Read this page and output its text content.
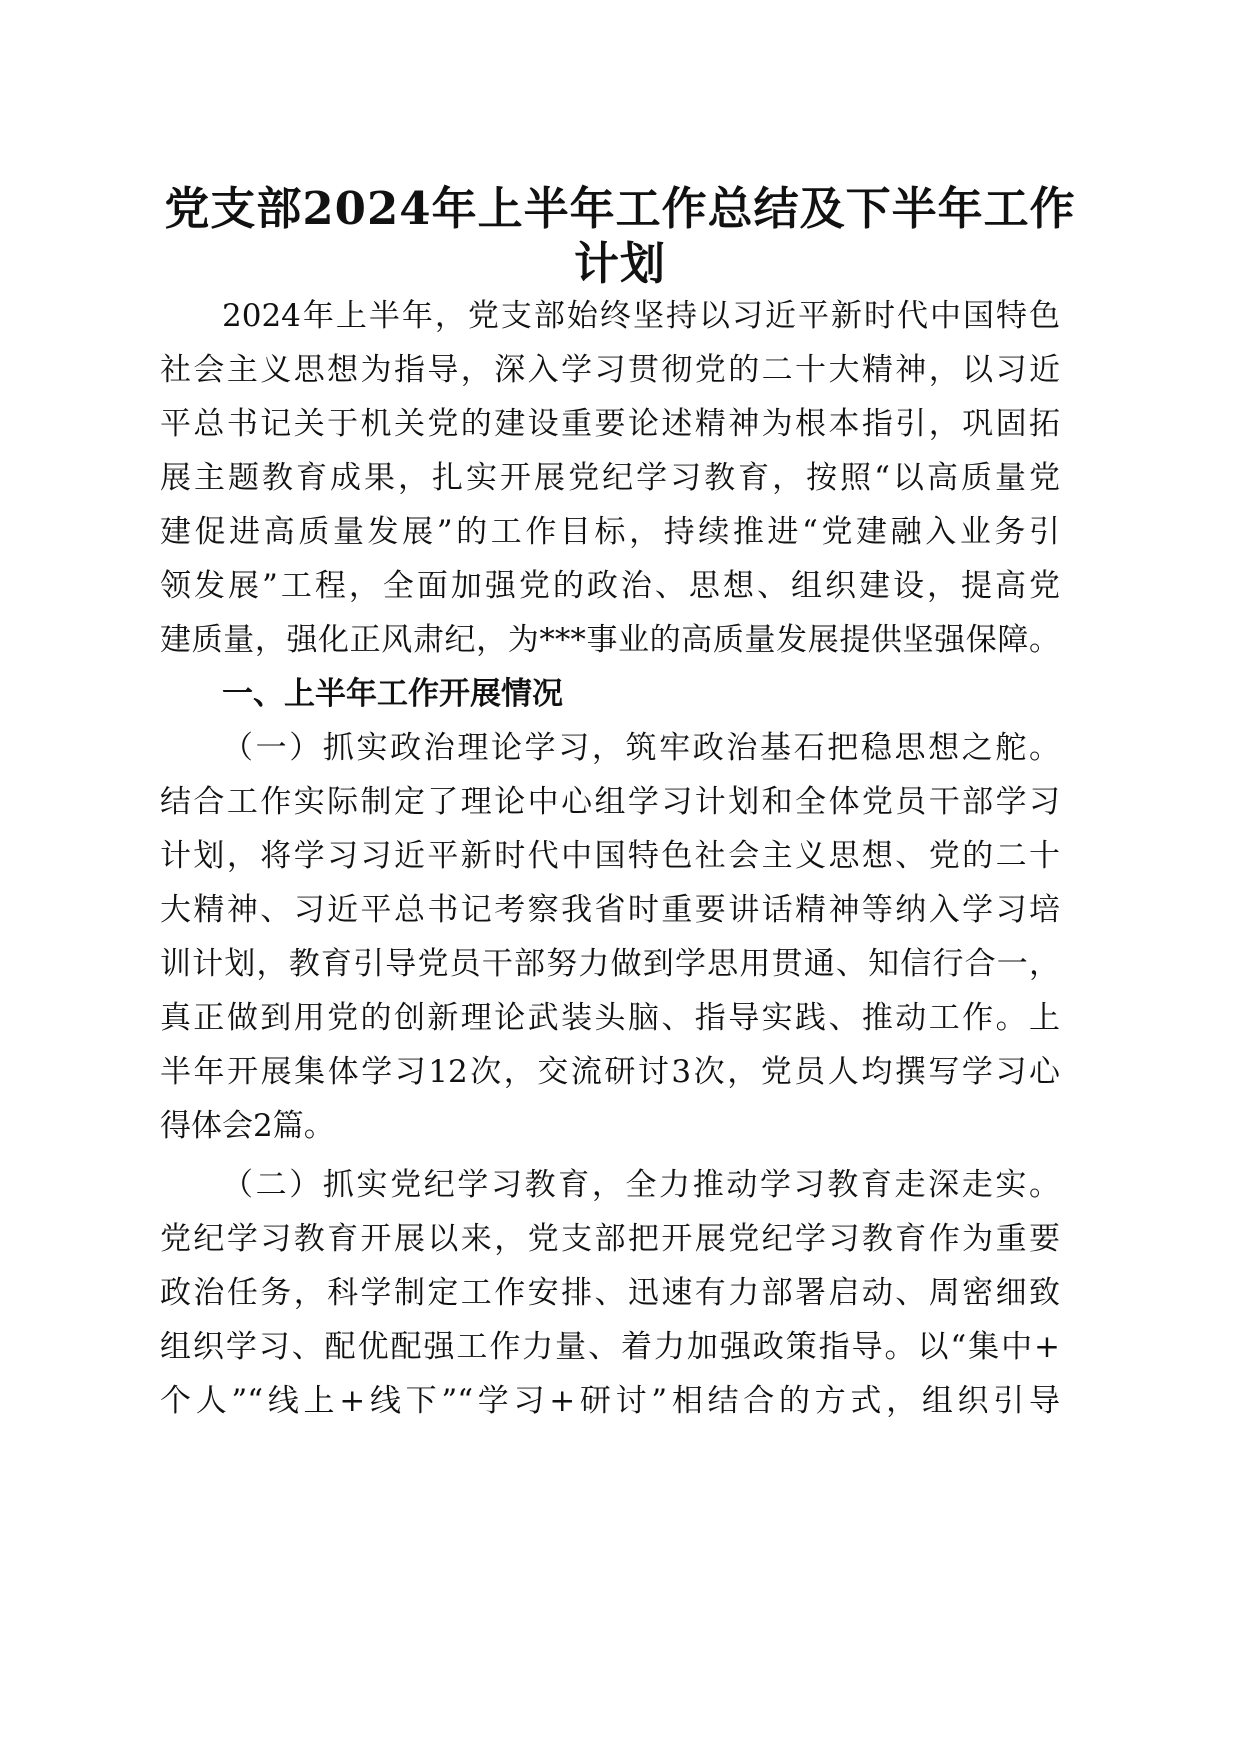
党支部2024年上半年工作总结及下半年工作
计划

2024年上半年，党支部始终坚持以习近平新时代中国特色

社会主义思想为指导，深入学习贯彻党的二十大精神，以习近

平总书记关于机关党的建设重要论述精神为根本指引，巩固拓

展主题教育成果，扎实开展党纪学习教育，按照“以高质量党

建促进高质量发展”的工作目标，持续推进“党建融入业务引

领发展”工程，全面加强党的政治、思想、组织建设，提高党

建质量，强化正风肃纪，为***事业的高质量发展提供坚强保障。

一、上半年工作开展情况

（一）抓实政治理论学习，筑牢政治基石把稳思想之舵。

结合工作实际制定了理论中心组学习计划和全体党员干部学习

计划，将学习习近平新时代中国特色社会主义思想、党的二十

大精神、习近平总书记考察我省时重要讲话精神等纳入学习培

训计划，教育引导党员干部努力做到学思用贯通、知信行合一，

真正做到用党的创新理论武装头脑、指导实践、推动工作。上

半年开展集体学习12次，交流研讨3次，党员人均撰写学习心

得体会2篇。

（二）抓实党纪学习教育，全力推动学习教育走深走实。

党纪学习教育开展以来，党支部把开展党纪学习教育作为重要

政治任务，科学制定工作安排、迅速有力部署启动、周密细致

组织学习、配优配强工作力量、着力加强政策指导。以“集中+

个人”“线上+线下”“学习+研讨”相结合的方式，组织引导
